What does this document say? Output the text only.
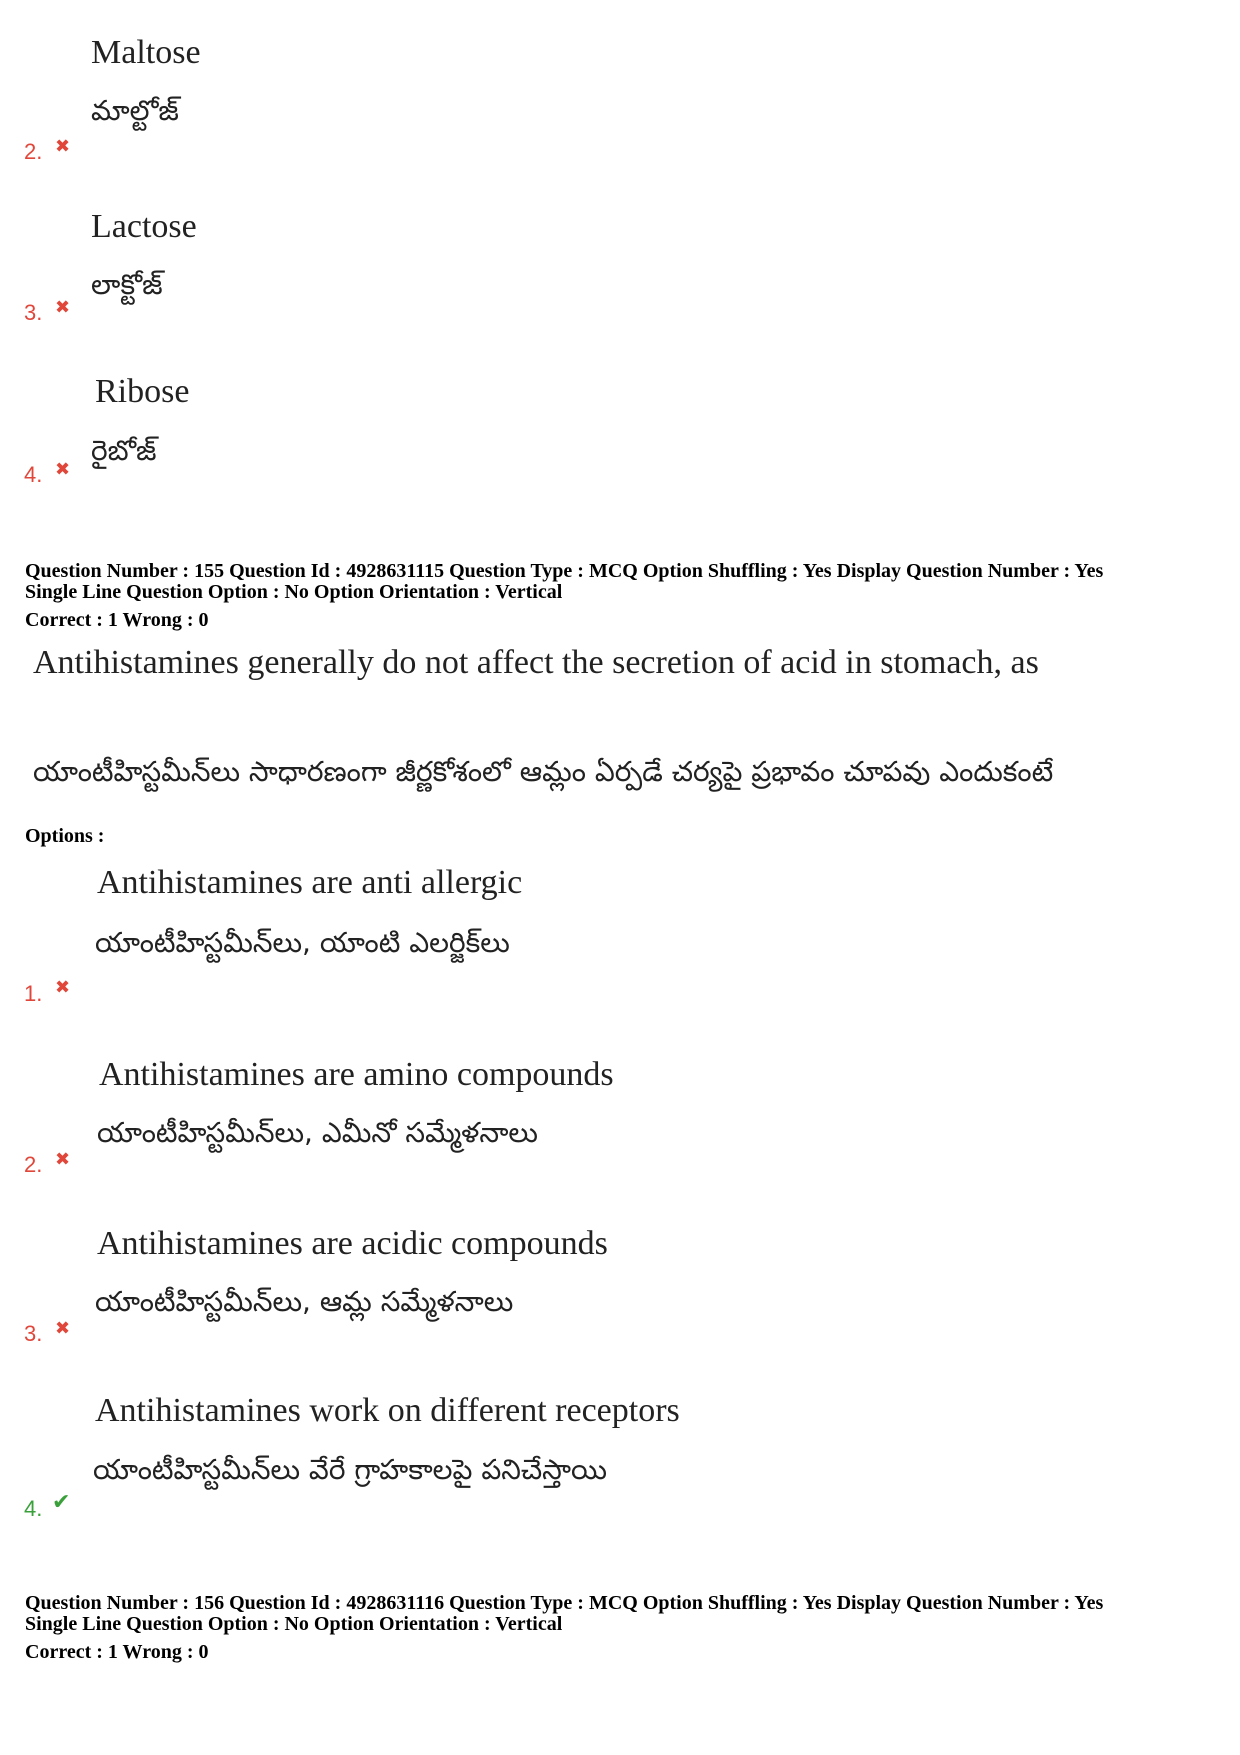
Maltose
మాల్టోజ్
2. ✖
Lactose
లాక్టోజ్
3. ✖
Ribose
రైబోజ్
4. ✖
Question Number : 155 Question Id : 4928631115 Question Type : MCQ Option Shuffling : Yes Display Question Number : Yes
Single Line Question Option : No Option Orientation : Vertical
Correct : 1 Wrong : 0
Antihistamines generally do not affect the secretion of acid in stomach, as
యాంటీహిస్టమీన్‌లు సాధారణంగా జీర్ణకోశంలో ఆమ్లం ఏర్పడే చర్యపై ప్రభావం చూపవు ఎందుకంటే
Options :
Antihistamines are anti allergic
యాంటీహిస్టమీన్‌లు, యాంటి ఎలర్జిక్‌లు
1. ✖
Antihistamines are amino compounds
యాంటీహిస్టమీన్‌లు, ఎమీనో సమ్మేళనాలు
2. ✖
Antihistamines are acidic compounds
యాంటీహిస్టమీన్‌లు, ఆమ్ల సమ్మేళనాలు
3. ✖
Antihistamines work on different receptors
యాంటీహిస్టమీన్‌లు వేరే గ్రాహకాలపై పనిచేస్తాయి
4. ✔
Question Number : 156 Question Id : 4928631116 Question Type : MCQ Option Shuffling : Yes Display Question Number : Yes
Single Line Question Option : No Option Orientation : Vertical
Correct : 1 Wrong : 0
